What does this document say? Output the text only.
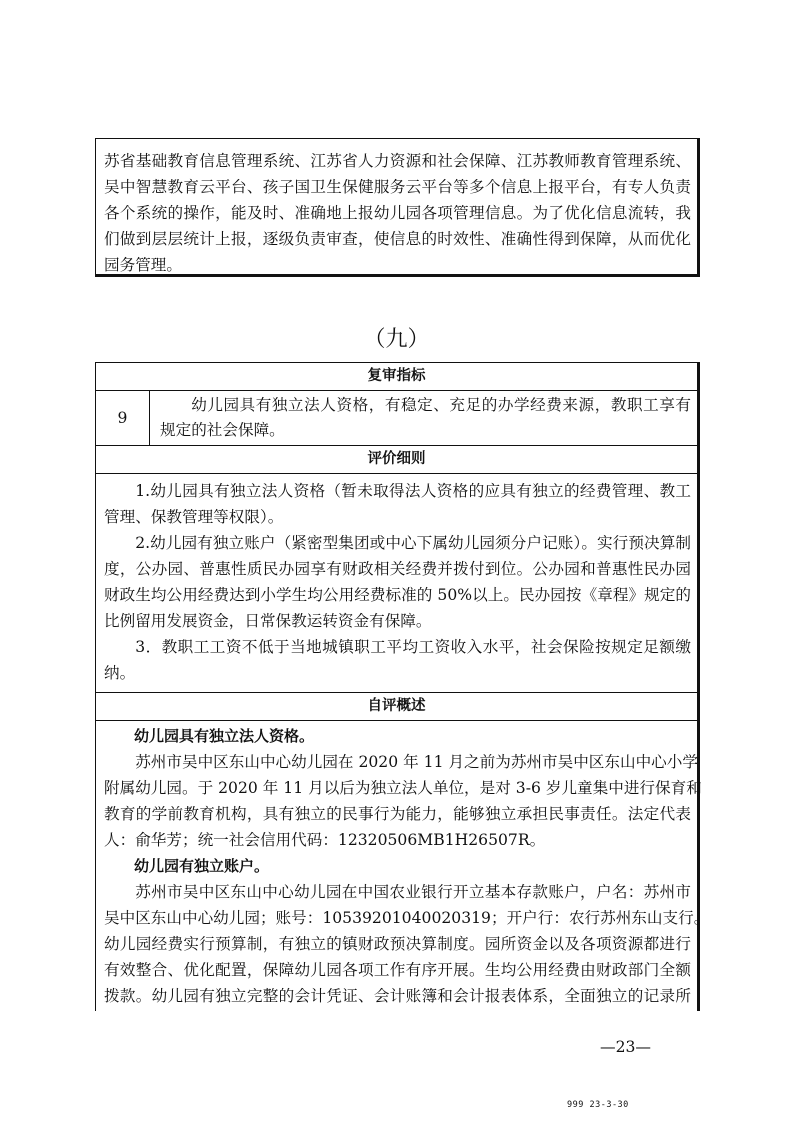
苏省基础教育信息管理系统、江苏省人力资源和社会保障、江苏教师教育管理系统、
吴中智慧教育云平台、孩子国卫生保健服务云平台等多个信息上报平台，有专人负责
各个系统的操作，能及时、准确地上报幼儿园各项管理信息。为了优化信息流转，我
们做到层层统计上报，逐级负责审查，使信息的时效性、准确性得到保障，从而优化
园务管理。
（九）
复审指标
9
幼儿园具有独立法人资格，有稳定、充足的办学经费来源，教职工享有
规定的社会保障。
评价细则
1.幼儿园具有独立法人资格（暂未取得法人资格的应具有独立的经费管理、教工
管理、保教管理等权限）。
2.幼儿园有独立账户（紧密型集团或中心下属幼儿园须分户记账）。实行预决算制
度，公办园、普惠性质民办园享有财政相关经费并拨付到位。公办园和普惠性民办园
财政生均公用经费达到小学生均公用经费标准的 50%以上。民办园按《章程》规定的
比例留用发展资金，日常保教运转资金有保障。
3．教职工工资不低于当地城镇职工平均工资收入水平，社会保险按规定足额缴
纳。
自评概述
幼儿园具有独立法人资格。
苏州市吴中区东山中心幼儿园在 2020 年 11 月之前为苏州市吴中区东山中心小学
附属幼儿园。于 2020 年 11 月以后为独立法人单位，是对 3-6 岁儿童集中进行保育和
教育的学前教育机构，具有独立的民事行为能力，能够独立承担民事责任。法定代表
人：俞华芳；统一社会信用代码：12320506MB1H26507R。
幼儿园有独立账户。
苏州市吴中区东山中心幼儿园在中国农业银行开立基本存款账户，户名：苏州市
吴中区东山中心幼儿园；账号：10539201040020319；开户行：农行苏州东山支行。
幼儿园经费实行预算制，有独立的镇财政预决算制度。园所资金以及各项资源都进行
有效整合、优化配置，保障幼儿园各项工作有序开展。生均公用经费由财政部门全额
拨款。幼儿园有独立完整的会计凭证、会计账簿和会计报表体系，全面独立的记录所
—23—
999 23-3-30
